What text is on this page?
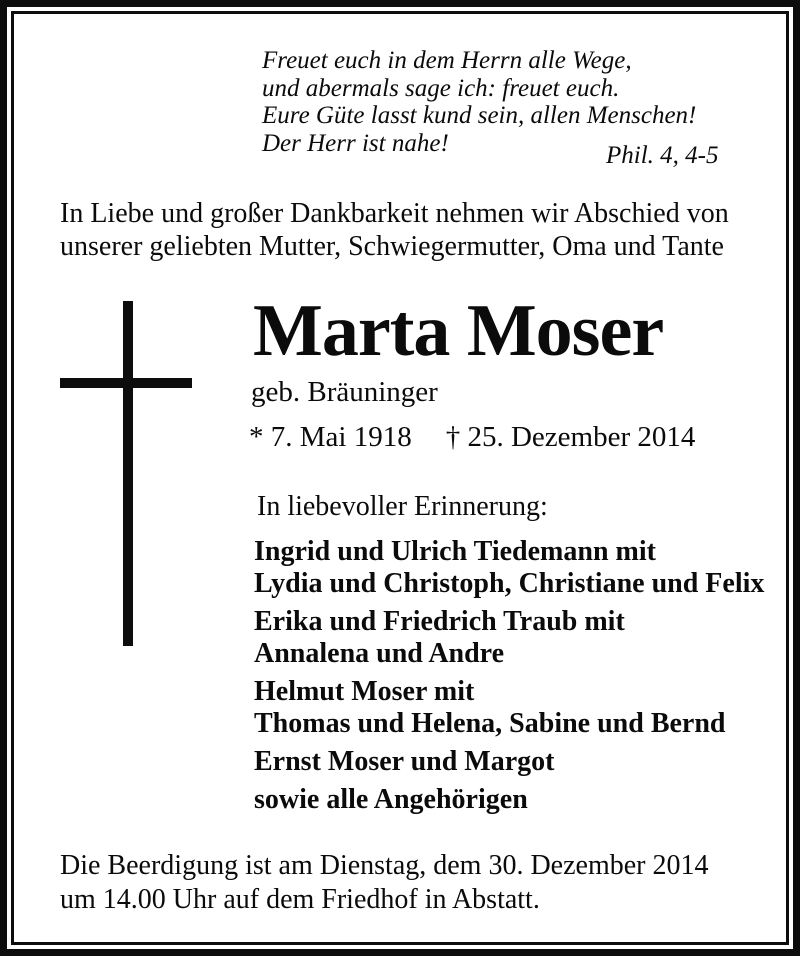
Freuet euch in dem Herrn alle Wege,
und abermals sage ich: freuet euch.
Eure Güte lasst kund sein, allen Menschen!
Der Herr ist nahe!	Phil. 4, 4-5
In Liebe und großer Dankbarkeit nehmen wir Abschied von
unserer geliebten Mutter, Schwiegermutter, Oma und Tante
Marta Moser
geb. Bräuninger
* 7. Mai 1918 † 25. Dezember 2014
In liebevoller Erinnerung:
Ingrid und Ulrich Tiedemann mit
Lydia und Christoph, Christiane und Felix
Erika und Friedrich Traub mit
Annalena und Andre
Helmut Moser mit
Thomas und Helena, Sabine und Bernd
Ernst Moser und Margot
sowie alle Angehörigen
Die Beerdigung ist am Dienstag, dem 30. Dezember 2014
um 14.00 Uhr auf dem Friedhof in Abstatt.
